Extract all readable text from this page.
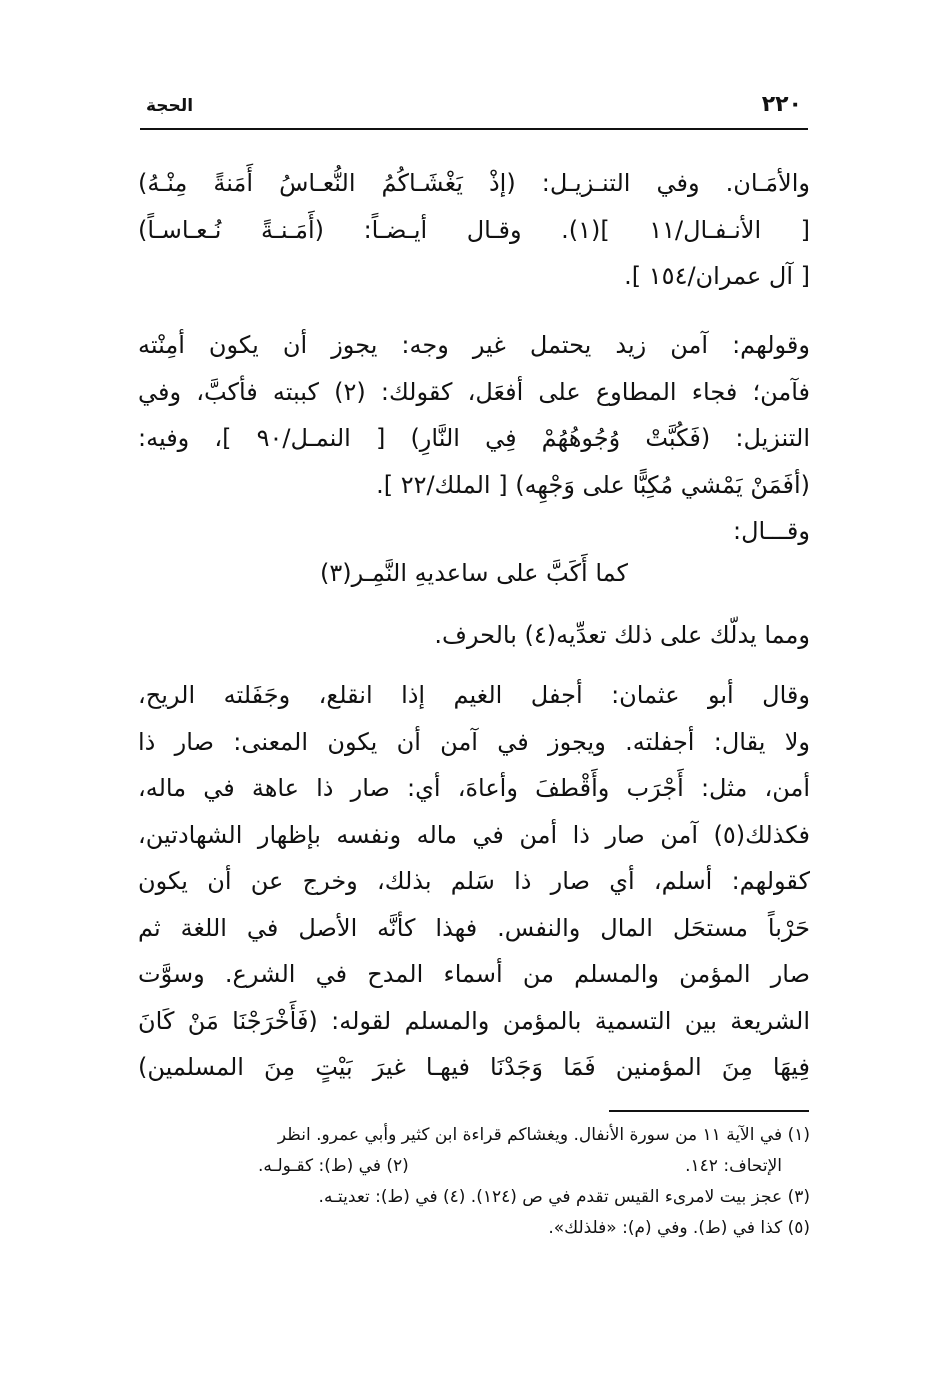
٢٢٠
الحجة
والأمَـان. وفي التنـزيـل: (إذْ يَغْشَـاكُمُ النُّعـاسُ أَمَنةً مِنْـهُ)
[ الأنـفـال/١١ ](١). وقـال أيـضـاً: (أَمَـنـةً نُـعـاسـاً)
[ آل عمران/١٥٤ ].
وقولهم: آمن زيد يحتمل غير وجه: يجوز أن يكون أمِنْته
فآمن؛ فجاء المطاوع على أفعَل، كقولك: (٢) كببته فأكبَّ، وفي
التنزيل: (فَكُبَّتْ وُجُوهُهُمْ فِي النَّارِ) [ النمـل/٩٠ ]، وفيه:
(أفَمَنْ يَمْشي مُكِبًّا على وَجْهِه) [ الملك/٢٢ ].
وقـــال:
كما أَكَبَّ على ساعديهِ النَّمِـر(٣)
ومما يدلّك على ذلك تعدِّيه(٤) بالحرف.
وقال أبو عثمان: أجفل الغيم إذا انقلع، وجَفَلته الريح،
ولا يقال: أجفلته. ويجوز في آمن أن يكون المعنى: صار ذا
أمن، مثل: أَجْرَب وأَقْطفَ وأعاهَ، أي: صار ذا عاهة في ماله،
فكذلك(٥) آمن صار ذا أمن في ماله ونفسه بإظهار الشهادتين،
كقولهم: أسلم، أي صار ذا سَلم بذلك، وخرج عن أن يكون
حَرْباً مستحَل المال والنفس. فهذا كأنَّه الأصل في اللغة ثم
صار المؤمن والمسلم من أسماء المدح في الشرع. وسوَّت
الشريعة بين التسمية بالمؤمن والمسلم لقوله: (فَأَخْرَجْنَا مَنْ كَانَ
فِيهَا مِنَ المؤمنين فَمَا وَجَدْنَا فيهـا غيرَ بَيْتٍ مِنَ المسلمين)
(١) في الآية ١١ من سورة الأنفال. ويغشاكم قراءة ابن كثير وأبي عمرو. انظر
الإتحاف: ١٤٢.
(٢) في (ط): كقـولـه.
(٣) عجز بيت لامرىء القيس تقدم في ص (١٢٤). (٤) في (ط): تعديتـه.
(٥) كذا في (ط). وفي (م): «فلذلك».
